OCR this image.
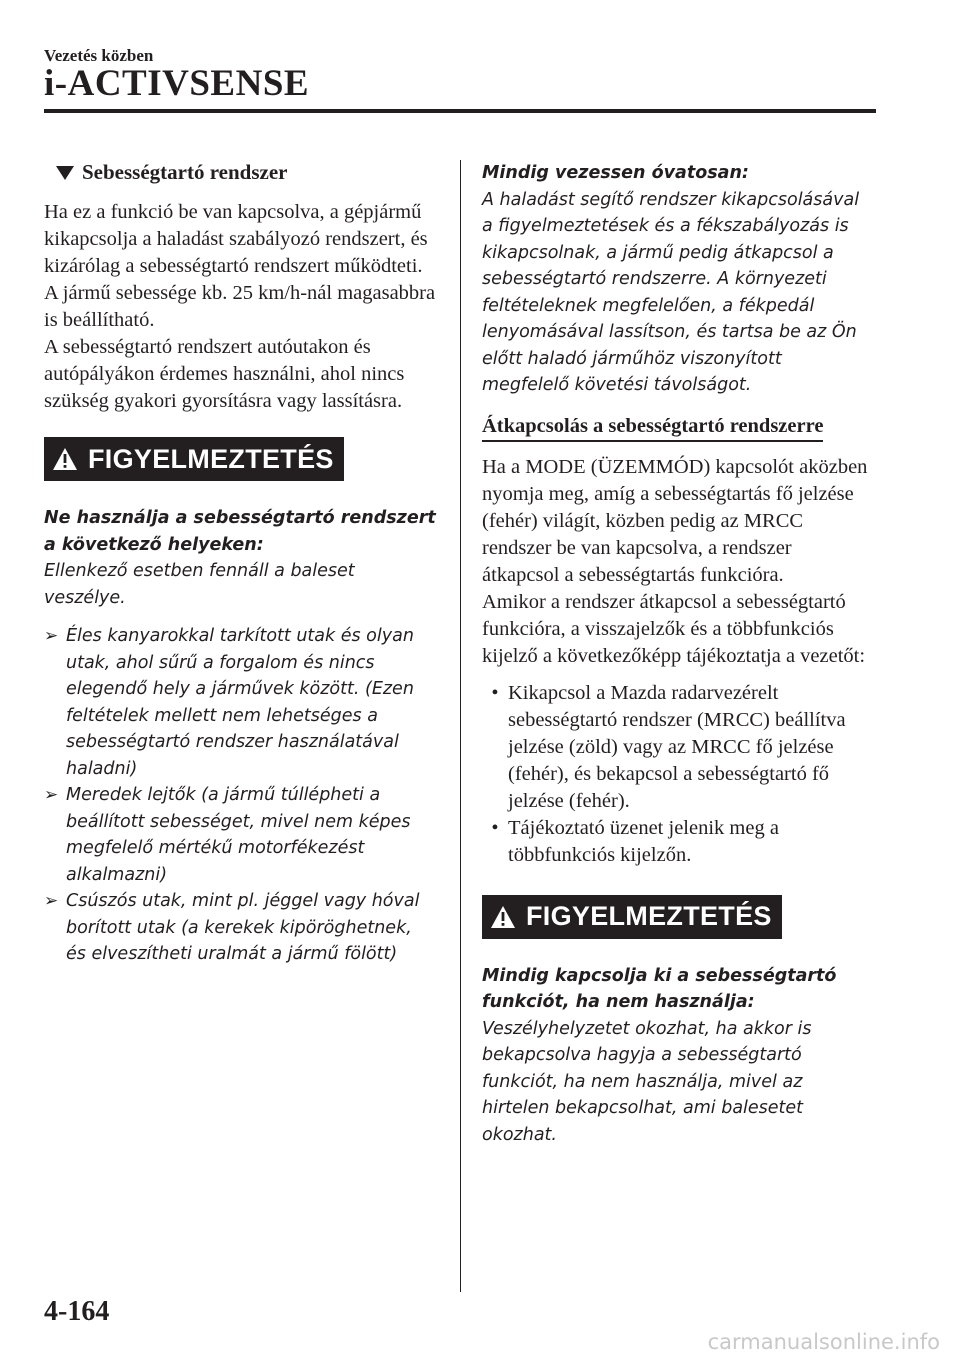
Vezetés közben
i-ACTIVSENSE
Sebességtartó rendszer

Ha ez a funkció be van kapcsolva, a gépjármű kikapcsolja a haladást szabályozó rendszert, és kizárólag a sebességtartó rendszert működteti.

A jármű sebessége kb. 25 km/h-nál magasabbra is beállítható.

A sebességtartó rendszert autóutakon és autópályákon érdemes használni, ahol nincs szükség gyakori gyorsításra vagy lassításra.

FIGYELMEZTETÉS

Ne használja a sebességtartó rendszert a következő helyeken:

Ellenkező esetben fennáll a baleset veszélye.

➢ Éles kanyarokkal tarkított utak és olyan utak, ahol sűrű a forgalom és nincs elegendő hely a járművek között. (Ezen feltételek mellett nem lehetséges a sebességtartó rendszer használatával haladni)

➢ Meredek lejtők (a jármű túllépheti a beállított sebességet, mivel nem képes megfelelő mértékű motorfékezést alkalmazni)

➢ Csúszós utak, mint pl. jéggel vagy hóval borított utak (a kerekek kipöröghetnek, és elveszítheti uralmát a jármű fölött)

Mindig vezessen óvatosan:

A haladást segítő rendszer kikapcsolásával a figyelmeztetések és a fékszabályozás is kikapcsolnak, a jármű pedig átkapcsol a sebességtartó rendszerre. A környezeti feltételeknek megfelelően, a fékpedál lenyomásával lassítson, és tartsa be az Ön előtt haladó járműhöz viszonyított megfelelő követési távolságot.

Átkapcsolás a sebességtartó rendszerre

Ha a MODE (ÜZEMMÓD) kapcsolót aközben nyomja meg, amíg a sebességtartás fő jelzése (fehér) világít, közben pedig az MRCC rendszer be van kapcsolva, a rendszer átkapcsol a sebességtartás funkcióra.

Amikor a rendszer átkapcsol a sebességtartó funkcióra, a visszajelzők és a többfunkciós kijelző a következőképp tájékoztatja a vezetőt:

• Kikapcsol a Mazda radarvezérelt sebességtartó rendszer (MRCC) beállítva jelzése (zöld) vagy az MRCC fő jelzése (fehér), és bekapcsol a sebességtartó fő jelzése (fehér).

• Tájékoztató üzenet jelenik meg a többfunkciós kijelzőn.

FIGYELMEZTETÉS

Mindig kapcsolja ki a sebességtartó funkciót, ha nem használja:

Veszélyhelyzetet okozhat, ha akkor is bekapcsolva hagyja a sebességtartó funkciót, ha nem használja, mivel az hirtelen bekapcsolhat, ami balesetet okozhat.

4-164
carmanualsonline.info
